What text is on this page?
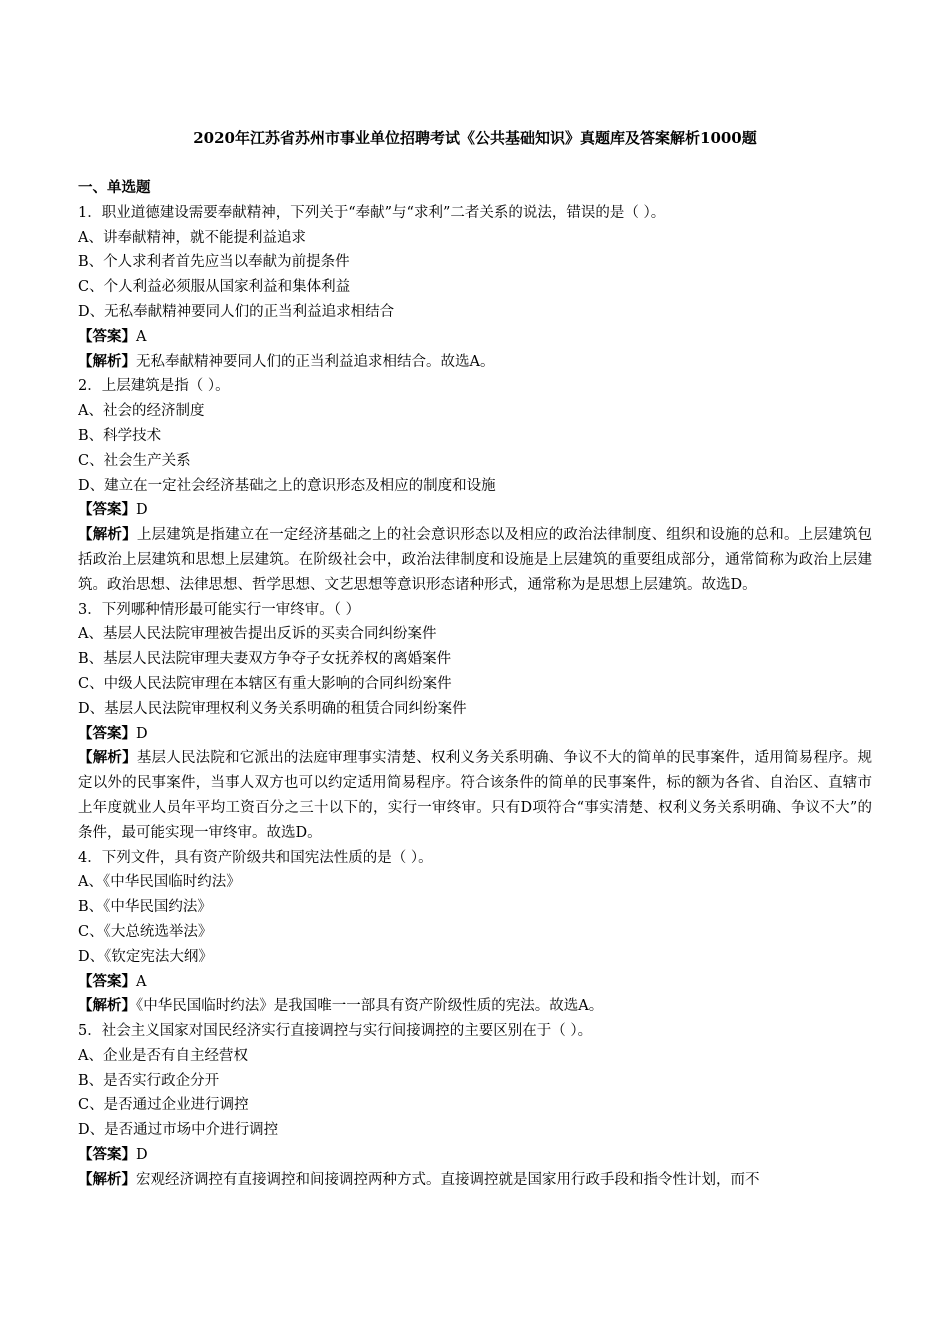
2020年江苏省苏州市事业单位招聘考试《公共基础知识》真题库及答案解析1000题
一、单选题
1．职业道德建设需要奉献精神，下列关于“奉献”与“求利”二者关系的说法，错误的是（ ）。
A、讲奉献精神，就不能提利益追求
B、个人求利者首先应当以奉献为前提条件
C、个人利益必须服从国家利益和集体利益
D、无私奉献精神要同人们的正当利益追求相结合
【答案】A
【解析】无私奉献精神要同人们的正当利益追求相结合。故选A。
2．上层建筑是指（ ）。
A、社会的经济制度
B、科学技术
C、社会生产关系
D、建立在一定社会经济基础之上的意识形态及相应的制度和设施
【答案】D
【解析】上层建筑是指建立在一定经济基础之上的社会意识形态以及相应的政治法律制度、组织和设施的总和。上层建筑包括政治上层建筑和思想上层建筑。在阶级社会中，政治法律制度和设施是上层建筑的重要组成部分，通常简称为政治上层建筑。政治思想、法律思想、哲学思想、文艺思想等意识形态诸种形式，通常称为是思想上层建筑。故选D。
3．下列哪种情形最可能实行一审终审。（ ）
A、基层人民法院审理被告提出反诉的买卖合同纠纷案件
B、基层人民法院审理夫妻双方争夺子女抚养权的离婚案件
C、中级人民法院审理在本辖区有重大影响的合同纠纷案件
D、基层人民法院审理权利义务关系明确的租赁合同纠纷案件
【答案】D
【解析】基层人民法院和它派出的法庭审理事实清楚、权利义务关系明确、争议不大的简单的民事案件，适用简易程序。规定以外的民事案件，当事人双方也可以约定适用简易程序。符合该条件的简单的民事案件，标的额为各省、自治区、直辖市上年度就业人员年平均工资百分之三十以下的，实行一审终审。只有D项符合“事实清楚、权利义务关系明确、争议不大”的条件，最可能实现一审终审。故选D。
4．下列文件，具有资产阶级共和国宪法性质的是（ ）。
A、《中华民国临时约法》
B、《中华民国约法》
C、《大总统选举法》
D、《钦定宪法大纲》
【答案】A
【解析】《中华民国临时约法》是我国唯一一部具有资产阶级性质的宪法。故选A。
5．社会主义国家对国民经济实行直接调控与实行间接调控的主要区别在于（ ）。
A、企业是否有自主经营权
B、是否实行政企分开
C、是否通过企业进行调控
D、是否通过市场中介进行调控
【答案】D
【解析】宏观经济调控有直接调控和间接调控两种方式。直接调控就是国家用行政手段和指令性计划，而不
